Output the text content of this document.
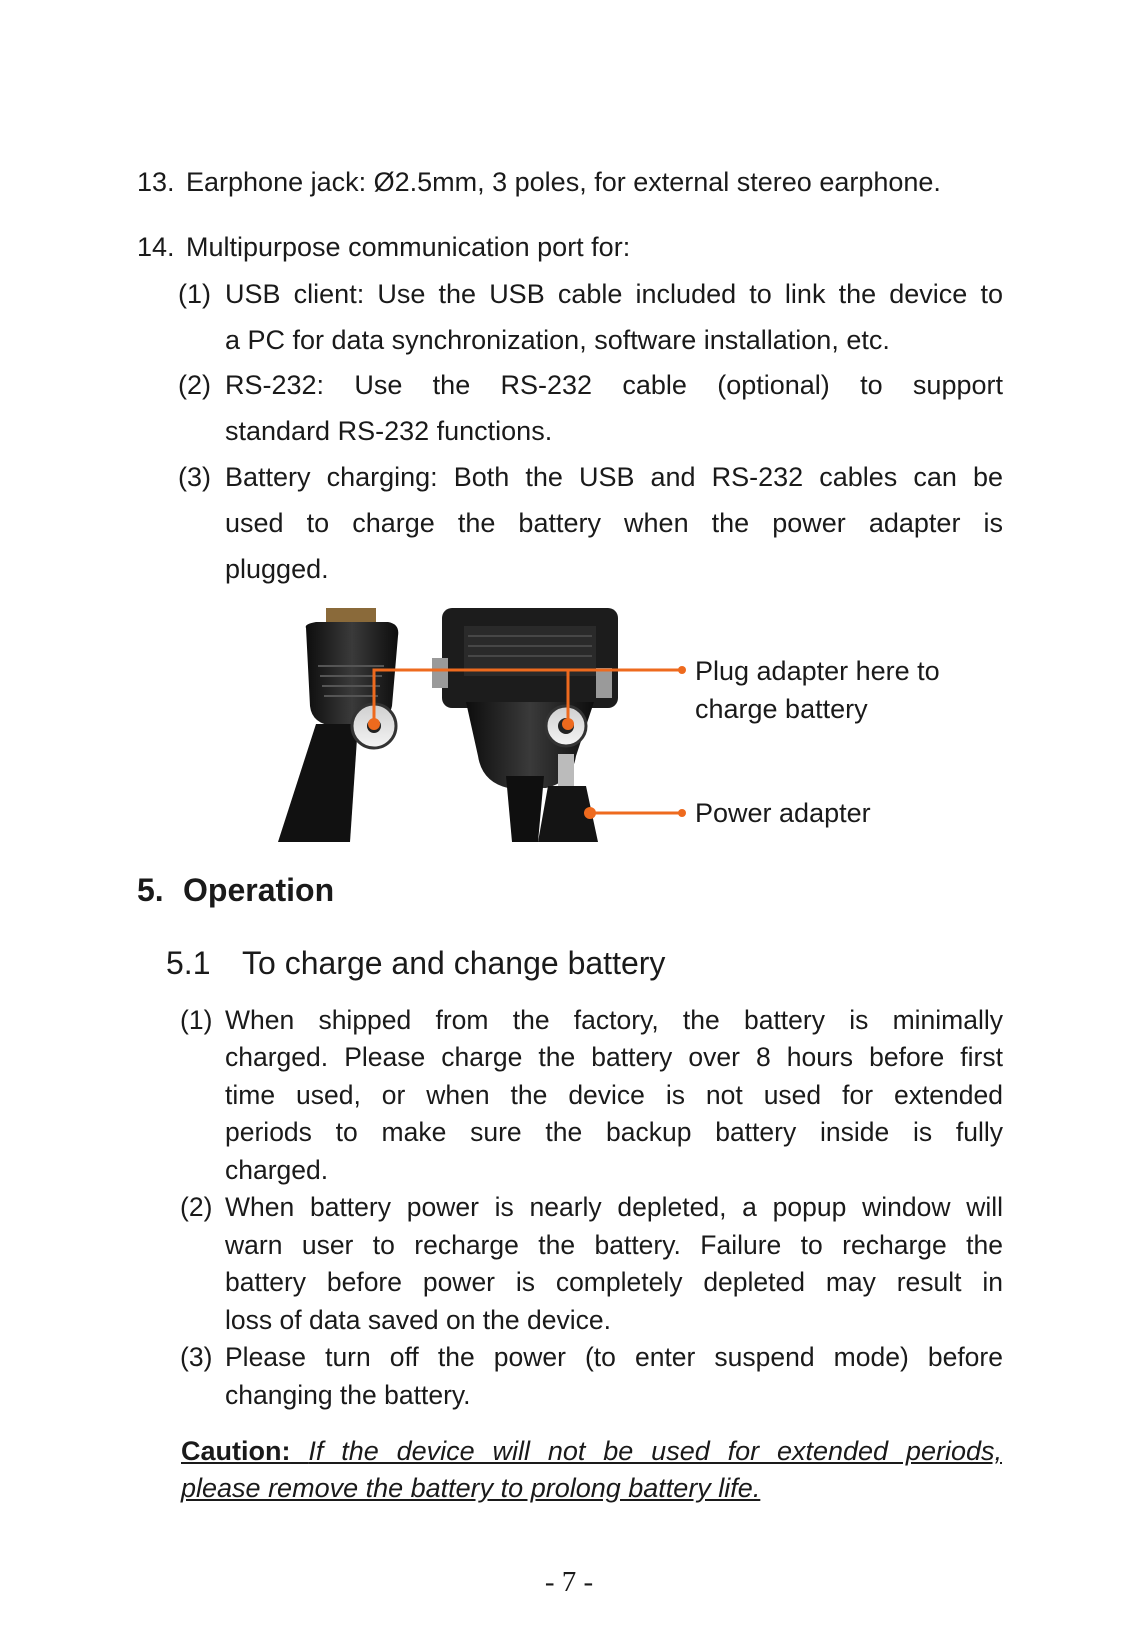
13. Earphone jack: Ø2.5mm, 3 poles, for external stereo earphone.
14. Multipurpose communication port for:
(1) USB client: Use the USB cable included to link the device to
a PC for data synchronization, software installation, etc.
(2) RS-232: Use the RS-232 cable (optional) to support
standard RS-232 functions.
(3) Battery charging: Both the USB and RS-232 cables can be
used to charge the battery when the power adapter is
plugged.
Plug adapter here to
charge battery
Power adapter
5. Operation
5.1 To charge and change battery
(1) When shipped from the factory, the battery is minimally
charged. Please charge the battery over 8 hours before first
time used, or when the device is not used for extended
periods to make sure the backup battery inside is fully
charged.
(2) When battery power is nearly depleted, a popup window will
warn user to recharge the battery. Failure to recharge the
battery before power is completely depleted may result in
loss of data saved on the device.
(3) Please turn off the power (to enter suspend mode) before
changing the battery.
Caution: If the device will not be used for extended periods,
please remove the battery to prolong battery life.
- 7 -
